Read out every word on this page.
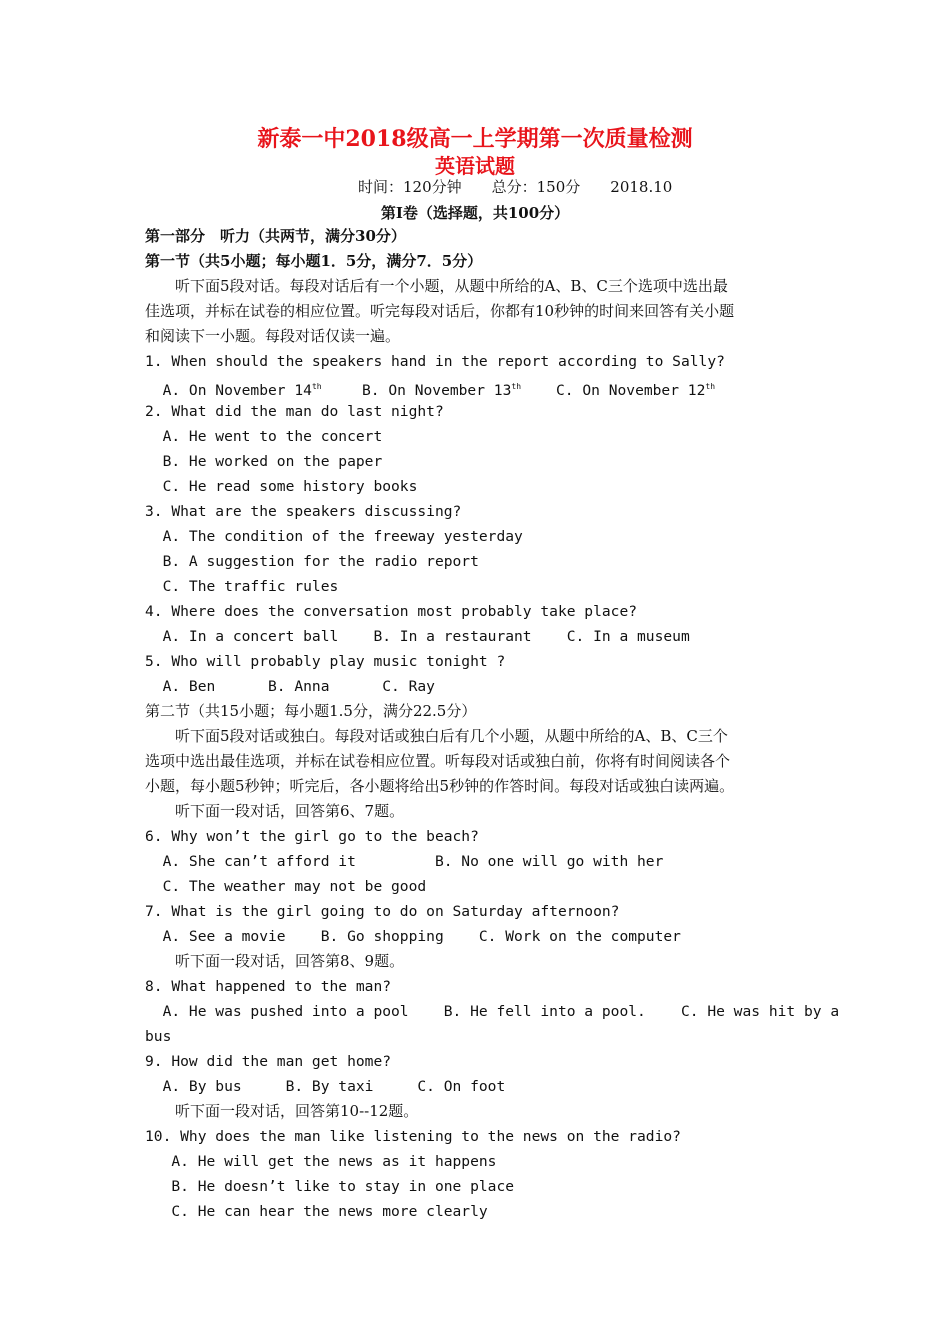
新泰一中2018级高一上学期第一次质量检测
英语试题
时间：120分钟 总分：150分 2018.10
第Ⅰ卷（选择题，共100分）
第一部分　听力（共两节，满分30分）
第一节（共5小题；每小题1．5分，满分7．5分）
　　听下面5段对话。每段对话后有一个小题，从题中所给的A、B、C三个选项中选出最
佳选项，并标在试卷的相应位置。听完每段对话后，你都有10秒钟的时间来回答有关小题
和阅读下一小题。每段对话仅读一遍。
1. When should the speakers hand in the report according to Sally?
A. On November 14th	B. On November 13th C. On November 12th
2. What did the man do last night?
A. He went to the concert
B. He worked on the paper
C. He read some history books
3. What are the speakers discussing?
A. The condition of the freeway yesterday
B. A suggestion for the radio report
C. The traffic rules
4. Where does the conversation most probably take place?
A. In a concert ball    B. In a restaurant    C. In a museum
5. Who will probably play music tonight ?
A. Ben      B. Anna      C. Ray
第二节（共15小题；每小题1.5分，满分22.5分）
　　听下面5段对话或独白。每段对话或独白后有几个小题，从题中所给的A、B、C三个
选项中选出最佳选项，并标在试卷相应位置。听每段对话或独白前，你将有时间阅读各个
小题，每小题5秒钟；听完后，各小题将给出5秒钟的作答时间。每段对话或独白读两遍。
　　听下面一段对话，回答第6、7题。
6. Why won’t the girl go to the beach?
A. She can’t afford it         B. No one will go with her
C. The weather may not be good
7. What is the girl going to do on Saturday afternoon?
A. See a movie    B. Go shopping    C. Work on the computer
　　听下面一段对话，回答第8、9题。
8. What happened to the man?
A. He was pushed into a pool    B. He fell into a pool.    C. He was hit by a
bus
9. How did the man get home?
A. By bus     B. By taxi     C. On foot
　　听下面一段对话，回答第10--12题。
10. Why does the man like listening to the news on the radio?
A. He will get the news as it happens
B. He doesn’t like to stay in one place
C. He can hear the news more clearly
